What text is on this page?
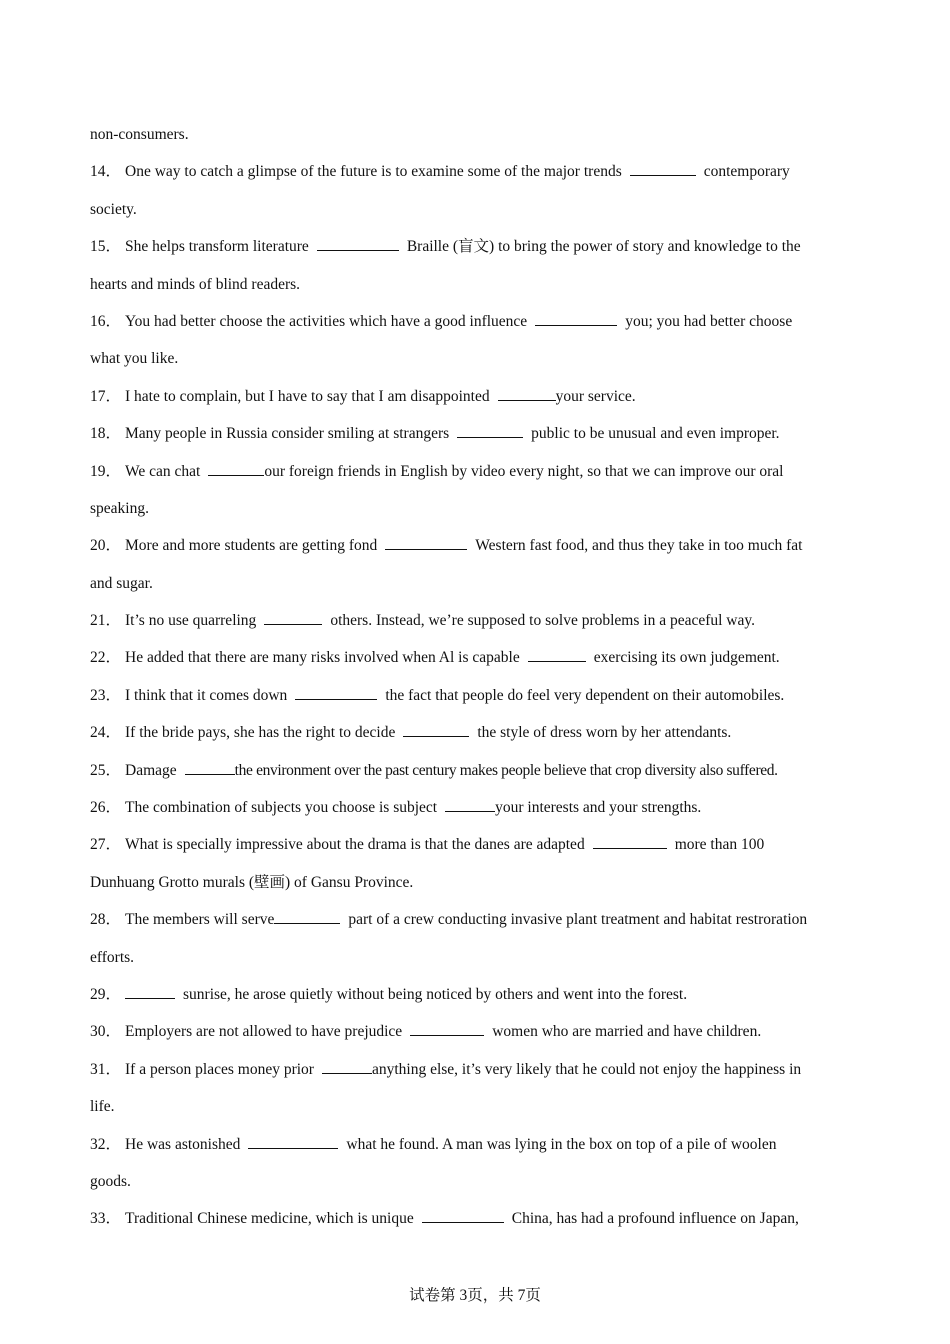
non-consumers.
14． One way to catch a glimpse of the future is to examine some of the major trends	contemporary
society.
15． She helps transform literature	Braille (盲文) to bring the power of story and knowledge to the
hearts and minds of blind readers.
16． You had better choose the activities which have a good influence	you; you had better choose
what you like.
17． I hate to complain, but I have to say that I am disappointed	your service.
18． Many people in Russia consider smiling at strangers	public to be unusual and even improper.
19． We can chat	our foreign friends in English by video every night, so that we can improve our oral
speaking.
20． More and more students are getting fond	Western fast food, and thus they take in too much fat
and sugar.
21． It’s no use quarreling	others. Instead, we’re supposed to solve problems in a peaceful way.
22． He added that there are many risks involved when Al is capable	exercising its own judgement.
23． I think that it comes down	the fact that people do feel very dependent on their automobiles.
24． If the bride pays, she has the right to decide	the style of dress worn by her attendants.
25． Damage	the environment over the past century makes people believe that crop diversity also suffered.
26． The combination of subjects you choose is subject	your interests and your strengths.
27． What is specially impressive about the drama is that the danes are adapted	more than 100
Dunhuang Grotto murals (壁画) of Gansu Province.
28． The members will serve	part of a crew conducting invasive plant treatment and habitat restroration
efforts.
29．	sunrise, he arose quietly without being noticed by others and went into the forest.
30． Employers are not allowed to have prejudice	women who are married and have children.
31． If a person places money prior	anything else, it’s very likely that he could not enjoy the happiness in
life.
32． He was astonished	what he found. A man was lying in the box on top of a pile of woolen
goods.
33． Traditional Chinese medicine, which is unique	China, has had a profound influence on Japan,
试卷第 3页，共 7页
